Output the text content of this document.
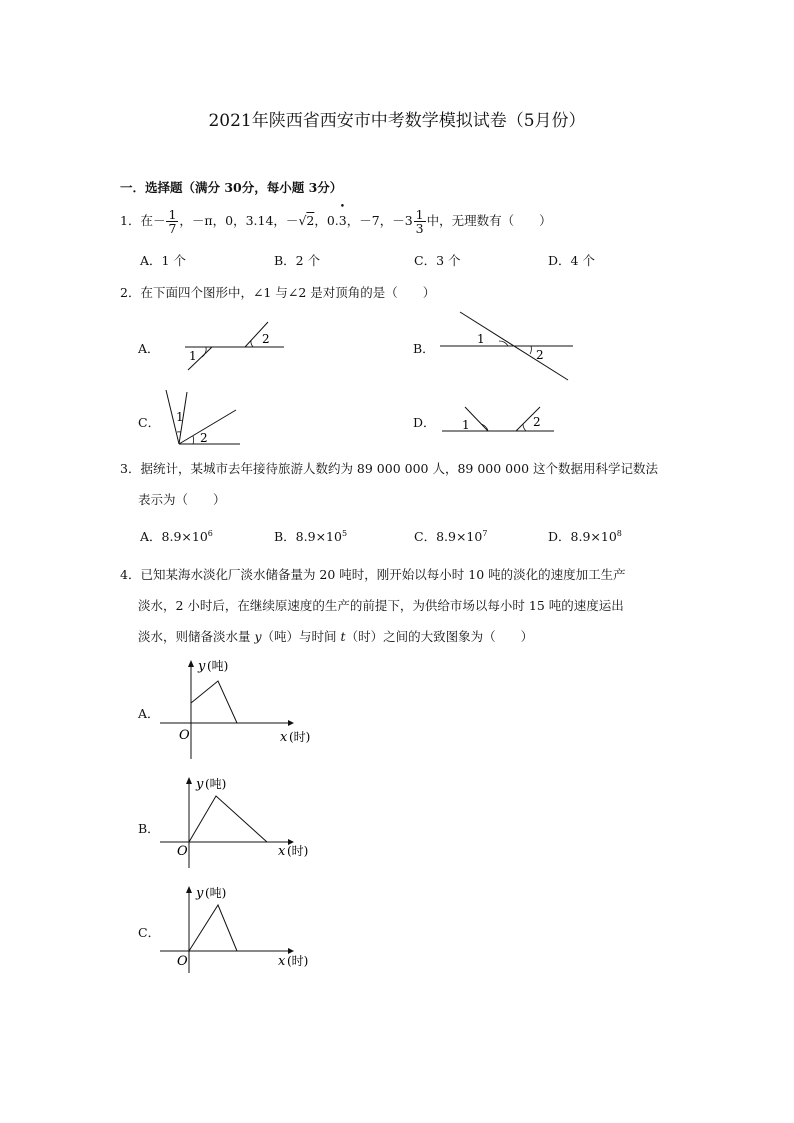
2021年陕西省西安市中考数学模拟试卷（5月份）
一．选择题（满分 30分，每小题 3分）
1．在－ $\frac{1}{7}$ ，－π，0，3.14，－√2，0.• 3，－7，$-3 \frac{1}{3}$ 中，无理数有（　　）
A．1 个	B．2 个	C．3 个	D．4 个
2．在下面四个图形中，∠1 与∠2 是对顶角的是（　　）
A． 1
2
B．
1
2
C． 1
2
D． 1	2
3．据统计，某城市去年接待旅游人数约为 89 000 000 人，89 000 000 这个数据用科学记数法
表示为（　　）
A．$8.9\times 10^6$	B．$8.9\times 10^5$	C．$8.9\times 10^7$	D．$8.9\times 10^8$
4．已知某海水淡化厂淡水储备量为 20 吨时，刚开始以每小时 10 吨的淡化的速度加工生产
淡水，2 小时后，在继续原速度的生产的前提下，为供给市场以每小时 15 吨的速度运出
淡水，则储备淡水量 y（吨）与时间 t（时）之间的大致图象为（　　）
A．
O
y (吨)
x (时)
B．
O
y (吨)
x (时)
C．
O
y (吨)
x (时)
